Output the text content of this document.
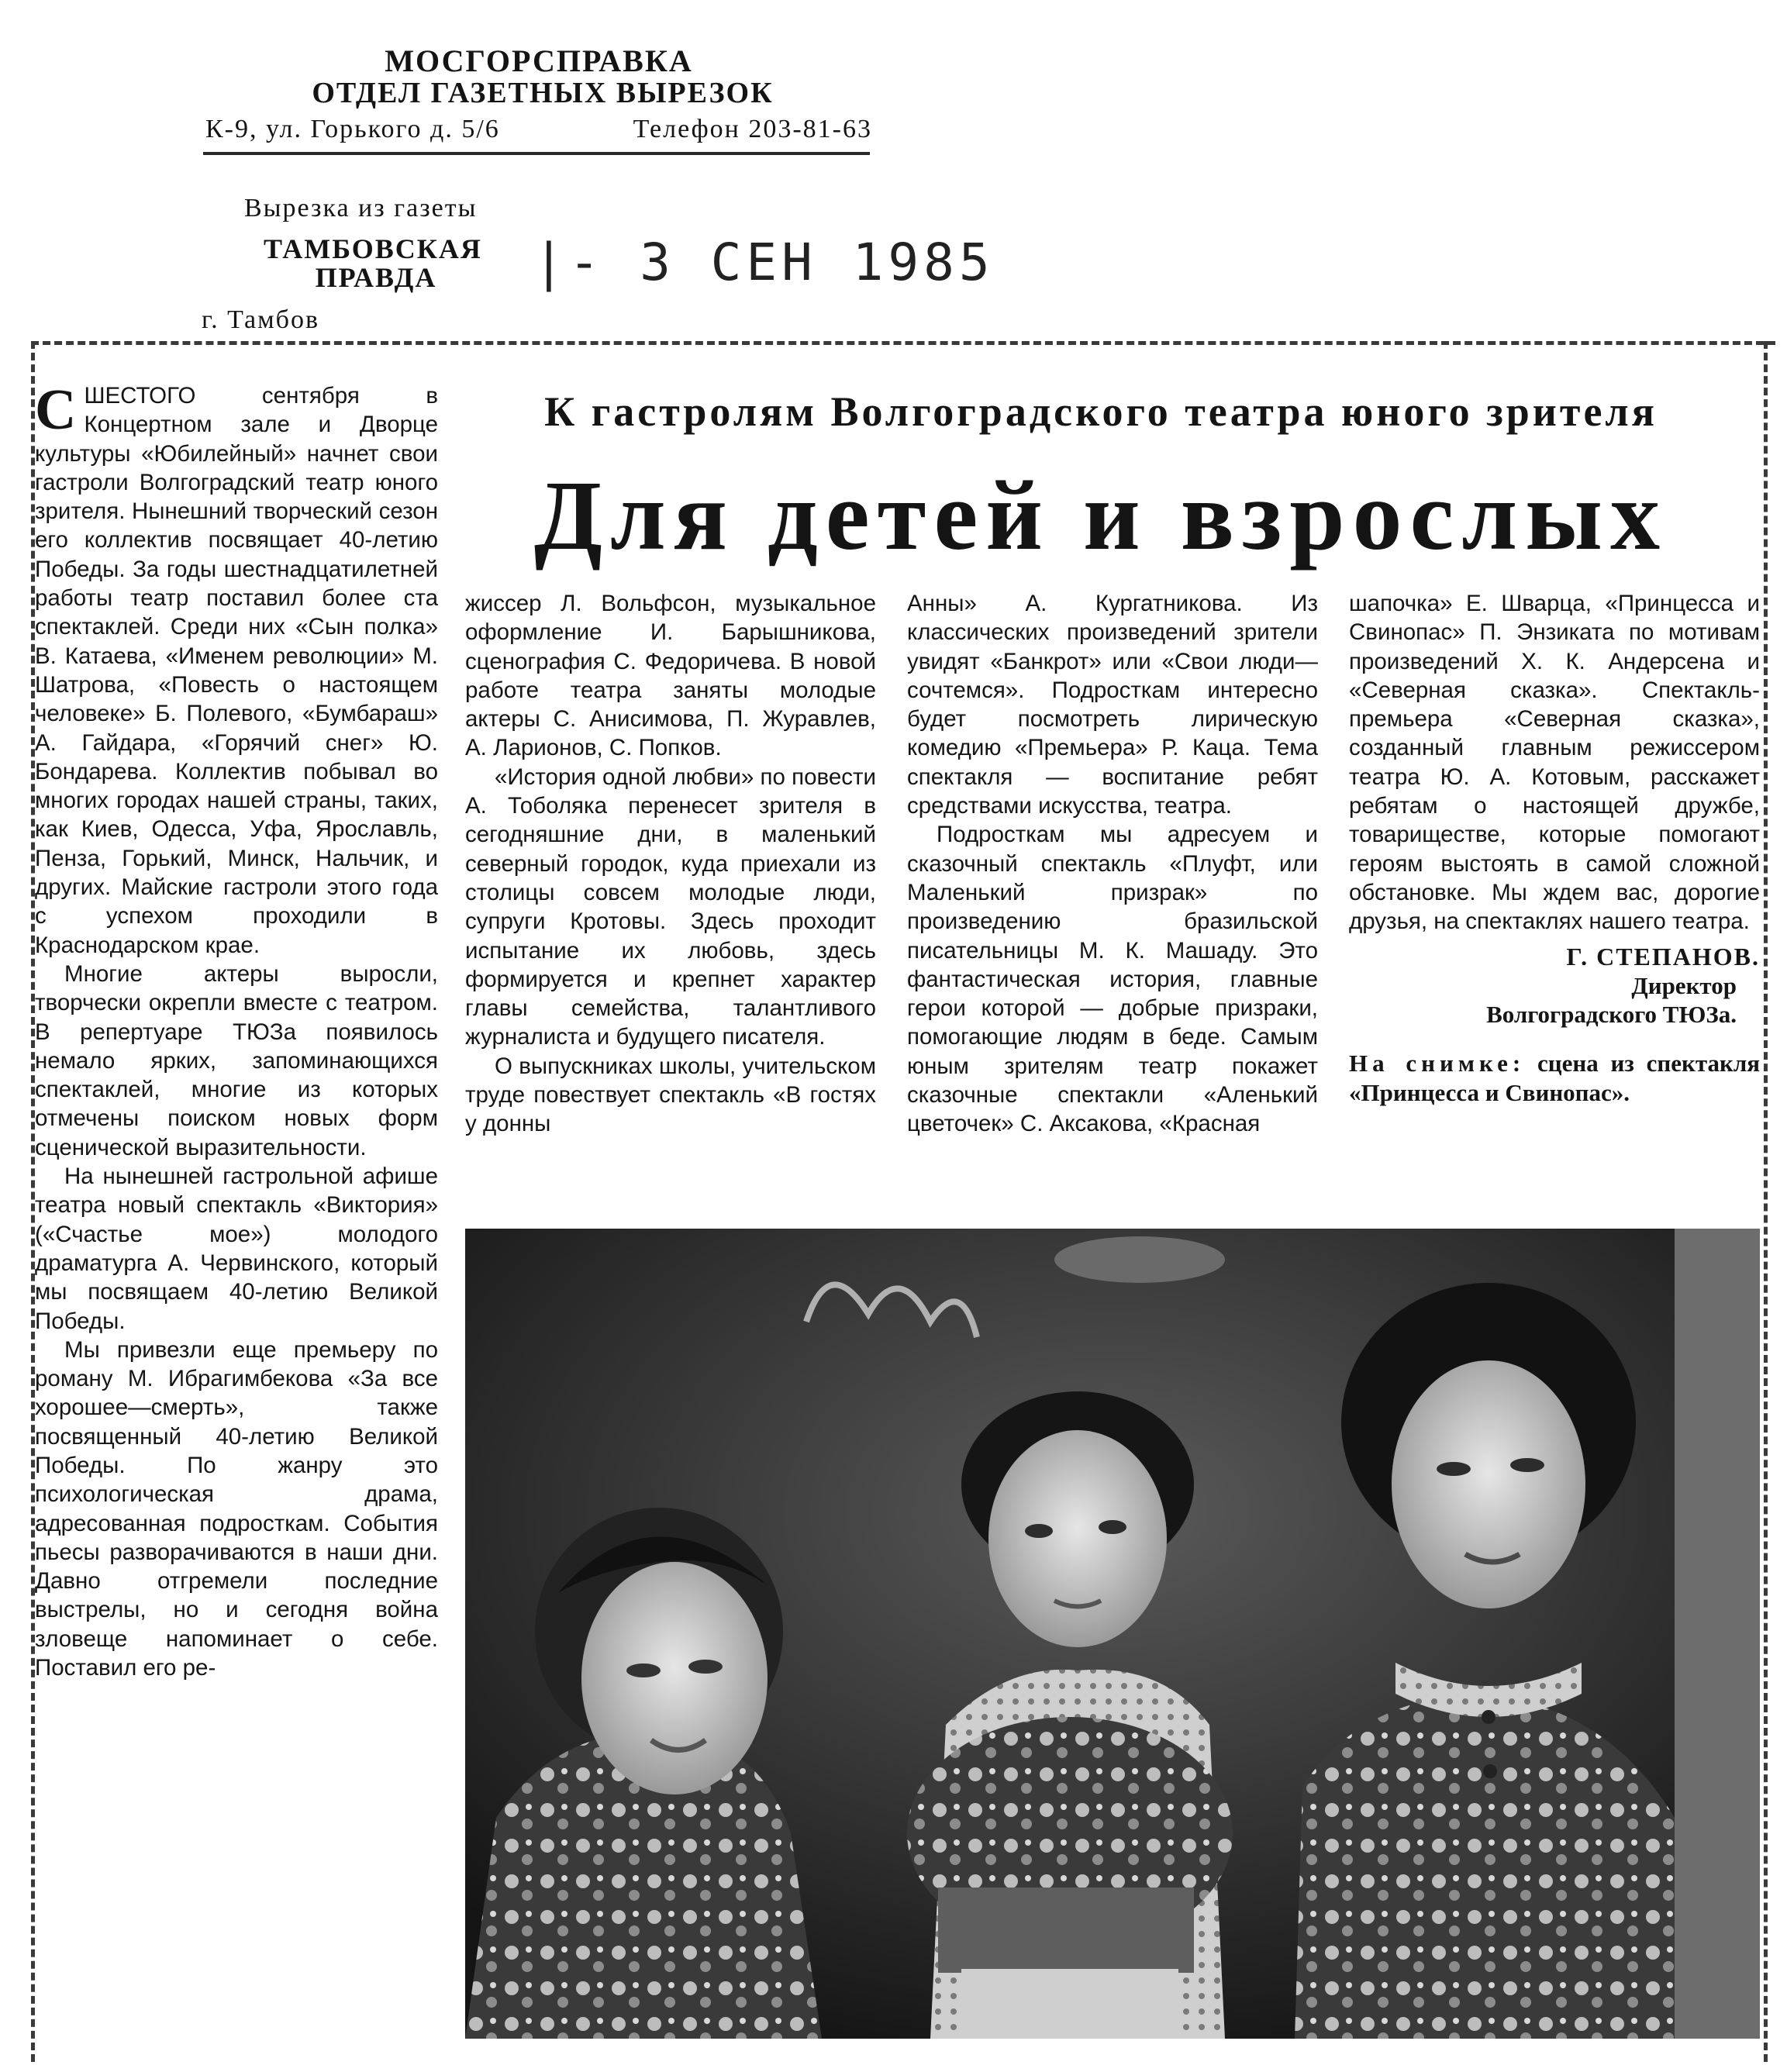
МОСГОРСПРАВКА
ОТДЕЛ ГАЗЕТНЫХ ВЫРЕЗОК
К-9, ул. Горького д. 5/6	Телефон 203-81-63
Вырезка из газеты
ТАМБОВСКАЯ
ПРАВДА
г. Тамбов
|- 3 СЕН 1985
К гастролям Волгоградского театра юного зрителя
Для детей и взрослых

СШЕСТОГО сентября в Концертном зале и Дворце культуры «Юбилейный» начнет свои гастроли Волгоградский театр юного зрителя. Нынешний творческий сезон его коллектив посвящает 40-летию Победы. За годы шестнадцатилетней работы театр поставил более ста спектаклей. Среди них «Сын полка» В. Катаева, «Именем революции» М. Шатрова, «Повесть о настоящем человеке» Б. Полевого, «Бумбараш» А. Гайдара, «Горячий снег» Ю. Бондарева. Коллектив побывал во многих городах нашей страны, таких, как Киев, Одесса, Уфа, Ярославль, Пенза, Горький, Минск, Нальчик, и других. Майские гастроли этого года с успехом проходили в Краснодарском крае.

Многие актеры выросли, творчески окрепли вместе с театром. В репертуаре ТЮЗа появилось немало ярких, запоминающихся спектаклей, многие из которых отмечены поиском новых форм сценической выразительности.

На нынешней гастрольной афише театра новый спектакль «Виктория» («Счастье мое») молодого драматурга А. Червинского, который мы посвящаем 40-летию Великой Победы.

Мы привезли еще премьеру по роману М. Ибрагимбекова «За все хорошее—смерть», также посвященный 40-летию Великой Победы. По жанру это психологическая драма, адресованная подросткам. События пьесы разворачиваются в наши дни. Давно отгремели последние выстрелы, но и сегодня война зловеще напоминает о себе. Поставил его ре-

жиссер Л. Вольфсон, музыкальное оформление И. Барышникова, сценография С. Федоричева. В новой работе театра заняты молодые актеры С. Анисимова, П. Журавлев, А. Ларионов, С. Попков.

«История одной любви» по повести А. Тоболяка перенесет зрителя в сегодняшние дни, в маленький северный городок, куда приехали из столицы совсем молодые люди, супруги Кротовы. Здесь проходит испытание их любовь, здесь формируется и крепнет характер главы семейства, талантливого журналиста и будущего писателя.

О выпускниках школы, учительском труде повествует спектакль «В гостях у донны

Анны» А. Кургатникова. Из классических произведений зрители увидят «Банкрот» или «Свои люди—сочтемся». Подросткам интересно будет посмотреть лирическую комедию «Премьера» Р. Каца. Тема спектакля — воспитание ребят средствами искусства, театра.

Подросткам мы адресуем и сказочный спектакль «Плуфт, или Маленький призрак» по произведению бразильской писательницы М. К. Машаду. Это фантастическая история, главные герои которой — добрые призраки, помогающие людям в беде. Самым юным зрителям театр покажет сказочные спектакли «Аленький цветочек» С. Аксакова, «Красная

шапочка» Е. Шварца, «Принцесса и Свинопас» П. Энзиката по мотивам произведений Х. К. Андерсена и «Северная сказка». Спектакль-премьера «Северная сказка», созданный главным режиссером театра Ю. А. Котовым, расскажет ребятам о настоящей дружбе, товариществе, которые помогают героям выстоять в самой сложной обстановке. Мы ждем вас, дорогие друзья, на спектаклях нашего театра.

Г. СТЕПАНОВ.
Директор
Волгоградского ТЮЗа.
На снимке: сцена из спектакля «Принцесса и Свинопас».
